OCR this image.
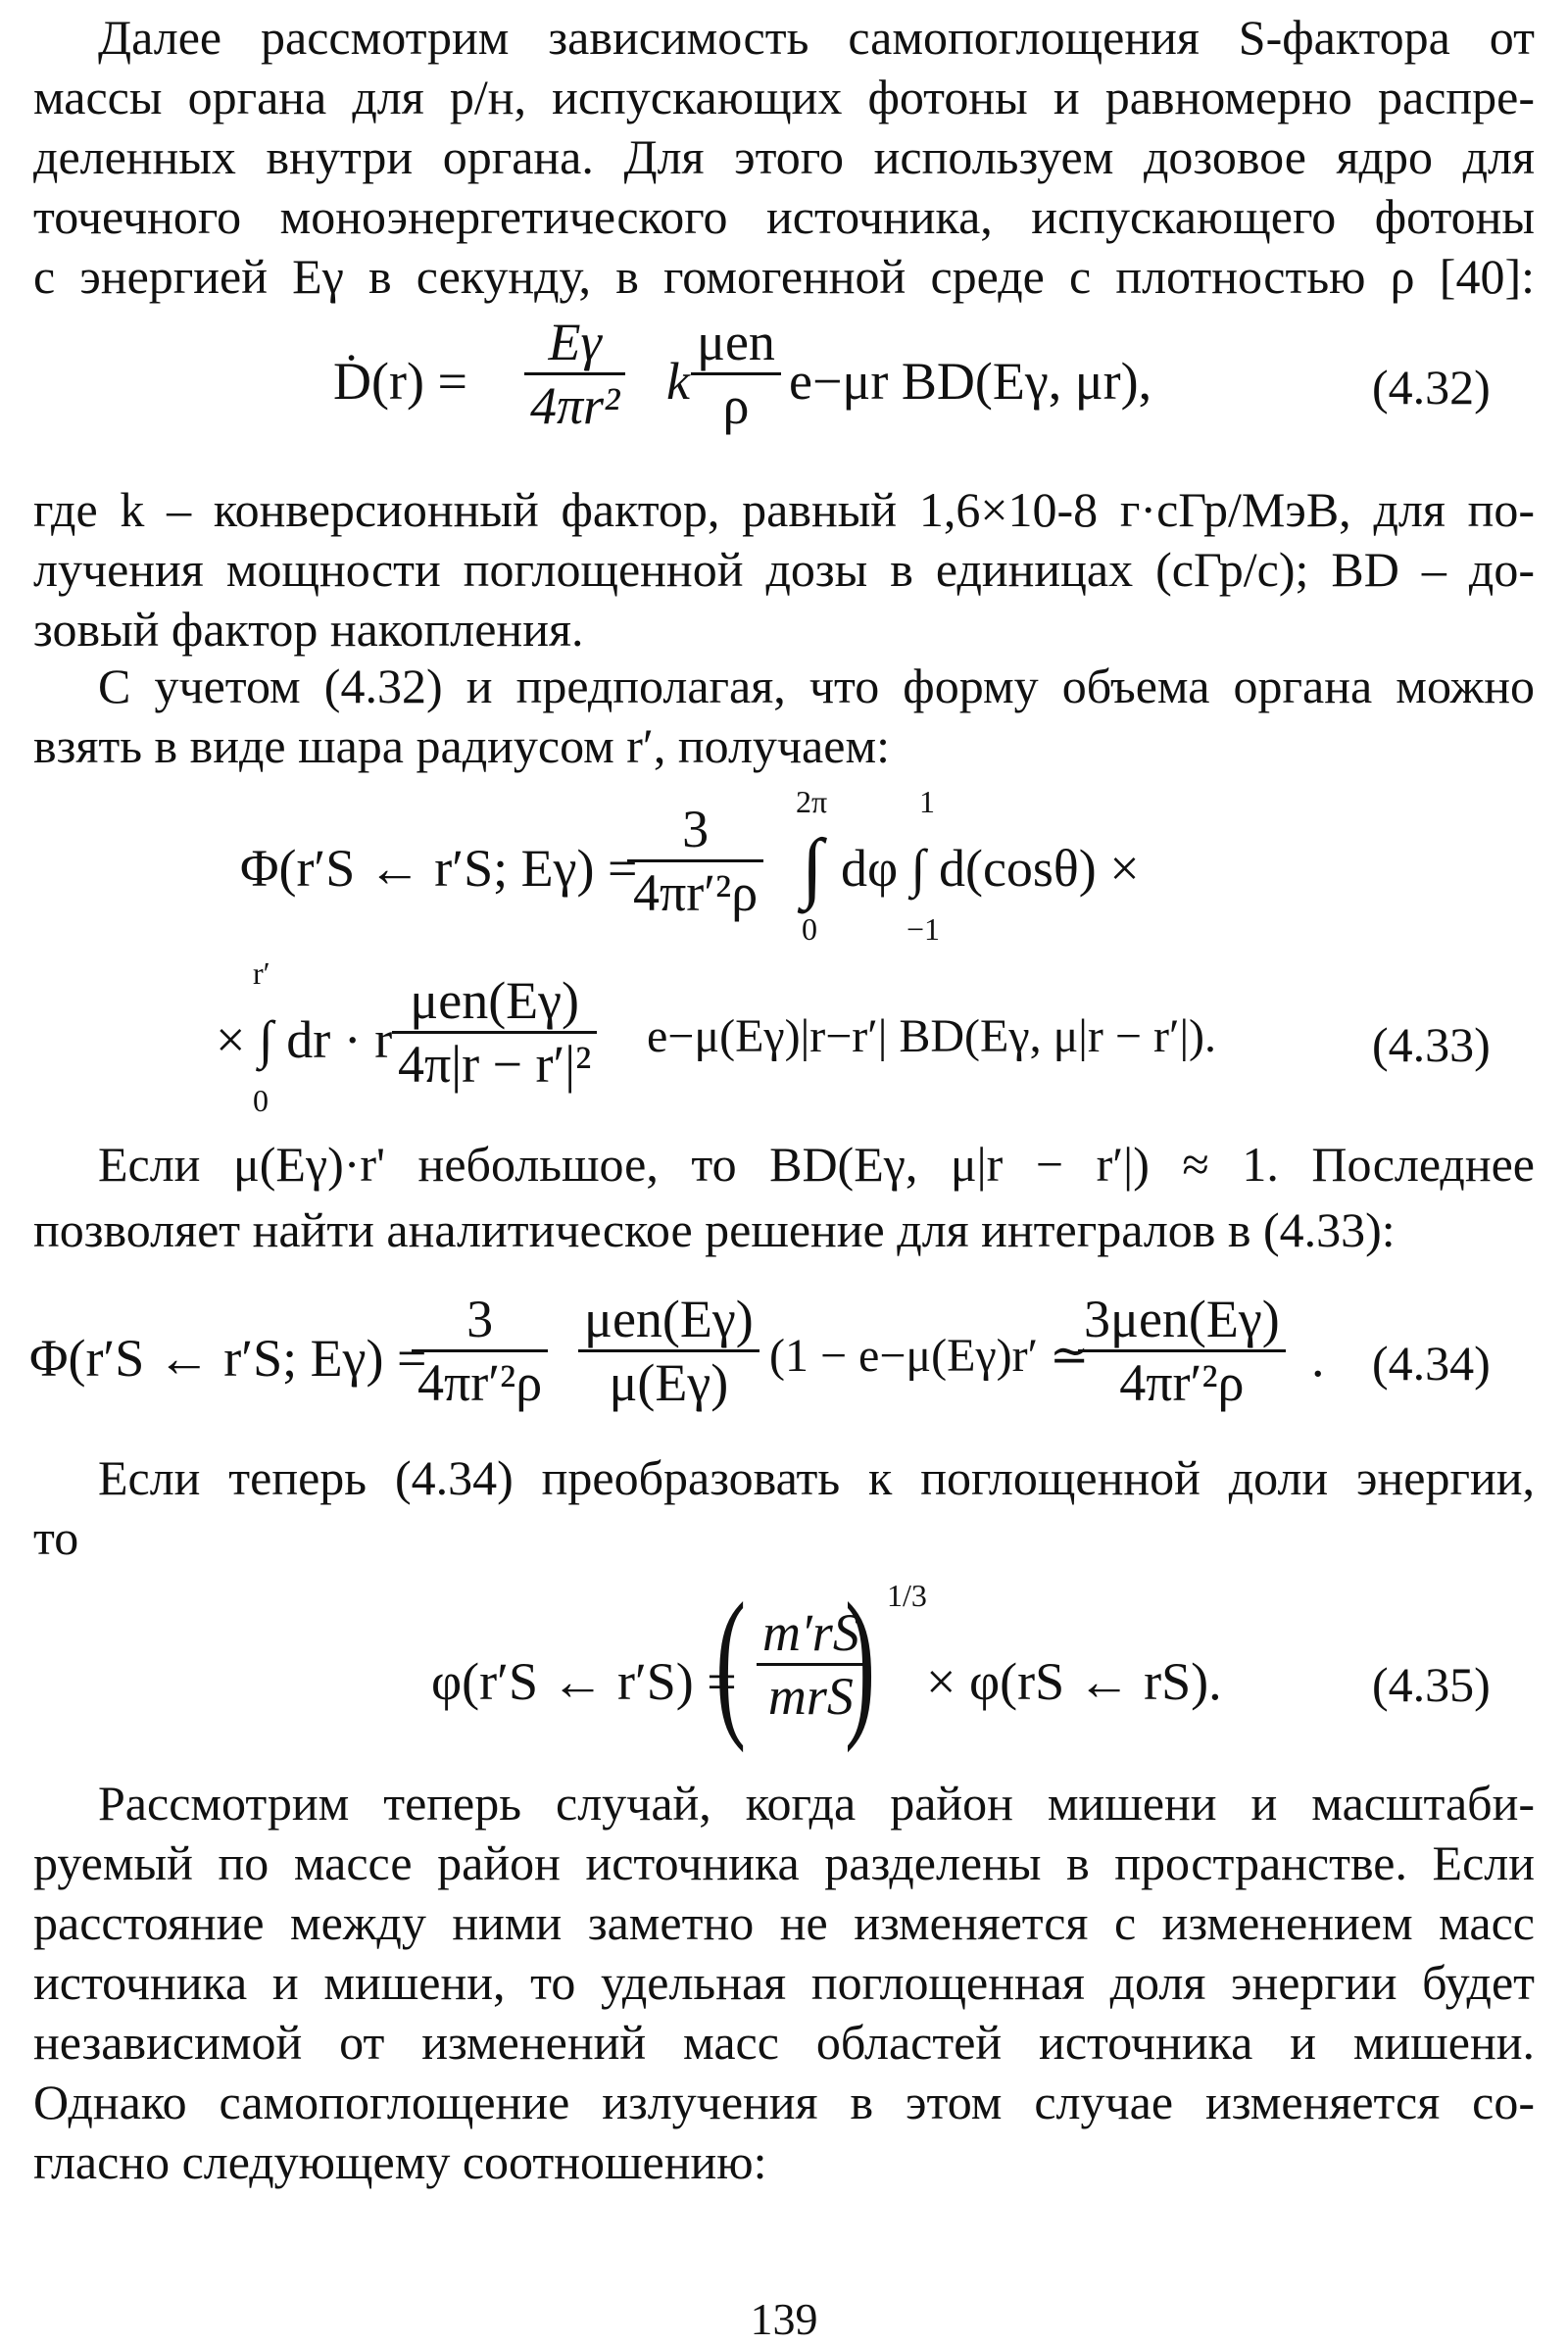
Далее рассмотрим зависимость самопоглощения S-фактора от
массы органа для р/н, испускающих фотоны и равномерно распре-
деленных внутри органа. Для этого используем дозовое ядро для
точечного моноэнергетического источника, испускающего фотоны
с энергией Eγ в секунду, в гомогенной среде с плотностью ρ [40]:
Ḋ(r) = $\frac{E\gamma}{\text{4πr²}}$ k $\frac{\text{μen}}{\rho} e-\mu r$ BD(Eγ, μr),	(4.32)
где k – конверсионный фактор, равный 1,6×10-8 г·сГр/МэВ, для по-
лучения мощности поглощенной дозы в единицах (сГр/с); BD – до-
зовый фактор накопления.
С учетом (4.32) и предполагая, что форму объема органа можно
взять в виде шара радиусом r′, получаем:
Φ(r′S ← r′S; Eγ) =
$\frac{3}{\text{4πr′²ρ}} 2\pi$
∫
0
1
−1
dφ ∫ d(cosθ) ×
r′
0
× ∫ dr · r $\frac{\text{μen(Eγ)}}{\text{4π|r − r′|²}} e-\mu(E\gamma)|r-r'|$ BD(Eγ, μ|r − r′|).	(4.33)
Если μ(Eγ)·r' небольшое, то BD(Eγ, μ|r − r′|) ≈ 1. Последнее
позволяет найти аналитическое решение для интегралов в (4.33):
Φ(r′S ← r′S; Eγ) =
$\frac{3}{\text{4πr′²ρ}} \frac{\text{μen(Eγ)}}{\mu(E\gamma)} (1 - e-\mu(E\gamma)r'$ ≃
$\frac{\text{3μen(Eγ)}}{\text{4πr′²ρ}}$ . (4.34)
Если теперь (4.34) преобразовать к поглощенной доли энергии,
то
φ(r′S ← r′S) =
( $\frac{m'rS}{\text{mrS}}$
) 1/3
× φ(rS ← rS).	(4.35)
Рассмотрим теперь случай, когда район мишени и масштаби-
руемый по массе район источника разделены в пространстве. Если
расстояние между ними заметно не изменяется с изменением масс
источника и мишени, то удельная поглощенная доля энергии будет
независимой от изменений масс областей источника и мишени.
Однако самопоглощение излучения в этом случае изменяется со-
гласно следующему соотношению:
139
